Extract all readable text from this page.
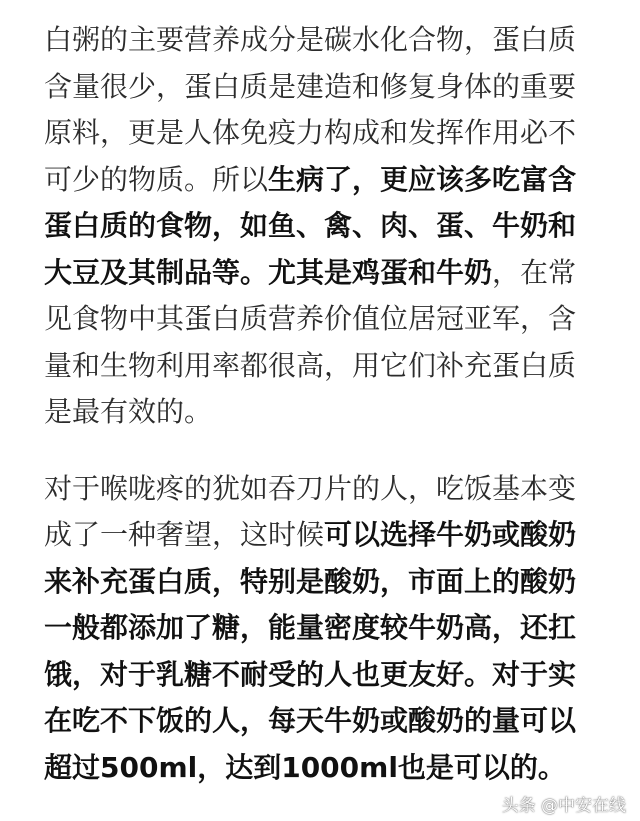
白粥的主要营养成分是碳水化合物，蛋白质
含量很少，蛋白质是建造和修复身体的重要
原料，更是人体免疫力构成和发挥作用必不
可少的物质。所以生病了，更应该多吃富含
蛋白质的食物，如鱼、禽、肉、蛋、牛奶和
大豆及其制品等。尤其是鸡蛋和牛奶，在常
见食物中其蛋白质营养价值位居冠亚军，含
量和生物利用率都很高，用它们补充蛋白质
是最有效的。

对于喉咙疼的犹如吞刀片的人，吃饭基本变
成了一种奢望，这时候可以选择牛奶或酸奶
来补充蛋白质，特别是酸奶，市面上的酸奶
一般都添加了糖，能量密度较牛奶高，还扛
饿，对于乳糖不耐受的人也更友好。对于实
在吃不下饭的人，每天牛奶或酸奶的量可以
超过500ml，达到1000ml也是可以的。

头条 @中安在线
